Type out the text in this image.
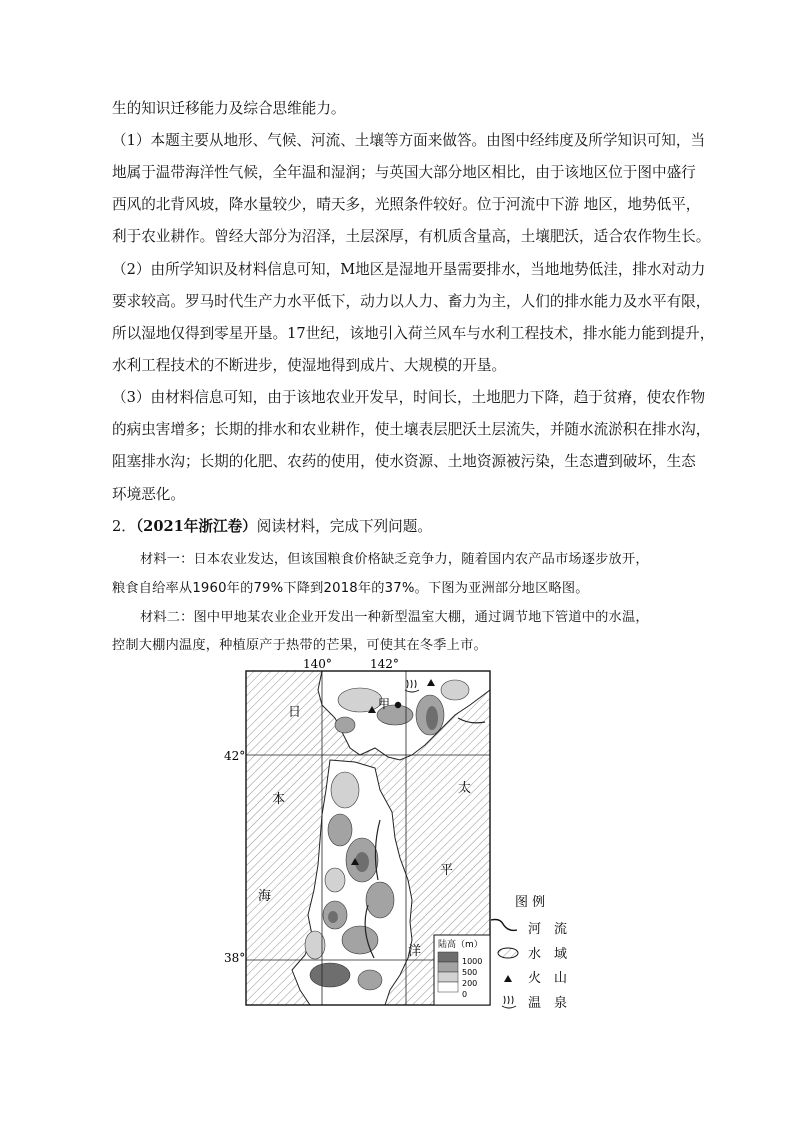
生的知识迁移能力及综合思维能力。
（1）本题主要从地形、气候、河流、土壤等方面来做答。由图中经纬度及所学知识可知，当
地属于温带海洋性气候，全年温和湿润；与英国大部分地区相比，由于该地区位于图中盛行
西风的北背风坡，降水量较少，晴天多，光照条件较好。位于河流中下游 地区，地势低平，
利于农业耕作。曾经大部分为沼泽，土层深厚，有机质含量高，土壤肥沃，适合农作物生长。
（2）由所学知识及材料信息可知，M地区是湿地开垦需要排水，当地地势低洼，排水对动力
要求较高。罗马时代生产力水平低下，动力以人力、畜力为主，人们的排水能力及水平有限，
所以湿地仅得到零星开垦。17世纪，该地引入荷兰风车与水利工程技术，排水能力能到提升，
水利工程技术的不断进步，使湿地得到成片、大规模的开垦。
（3）由材料信息可知，由于该地农业开发早，时间长，土地肥力下降，趋于贫瘠，使农作物
的病虫害增多；长期的排水和农业耕作，使土壤表层肥沃土层流失，并随水流淤积在排水沟，
阻塞排水沟；长期的化肥、农药的使用，使水资源、土地资源被污染，生态遭到破坏，生态
环境恶化。
2．（2021年浙江卷）阅读材料，完成下列问题。
材料一：日本农业发达，但该国粮食价格缺乏竞争力，随着国内农产品市场逐步放开，
粮食自给率从1960年的79%下降到2018年的37%。下图为亚洲部分地区略图。
材料二：图中甲地某农业企业开发出一种新型温室大棚，通过调节地下管道中的水温，
控制大棚内温度，种植原产于热带的芒果，可使其在冬季上市。
140°	142°
42°
38°
甲
日
本
海
太
平
洋 陆高（m）
1000
500
200
0
图 例
河　流
水　域
火　山
温　泉
